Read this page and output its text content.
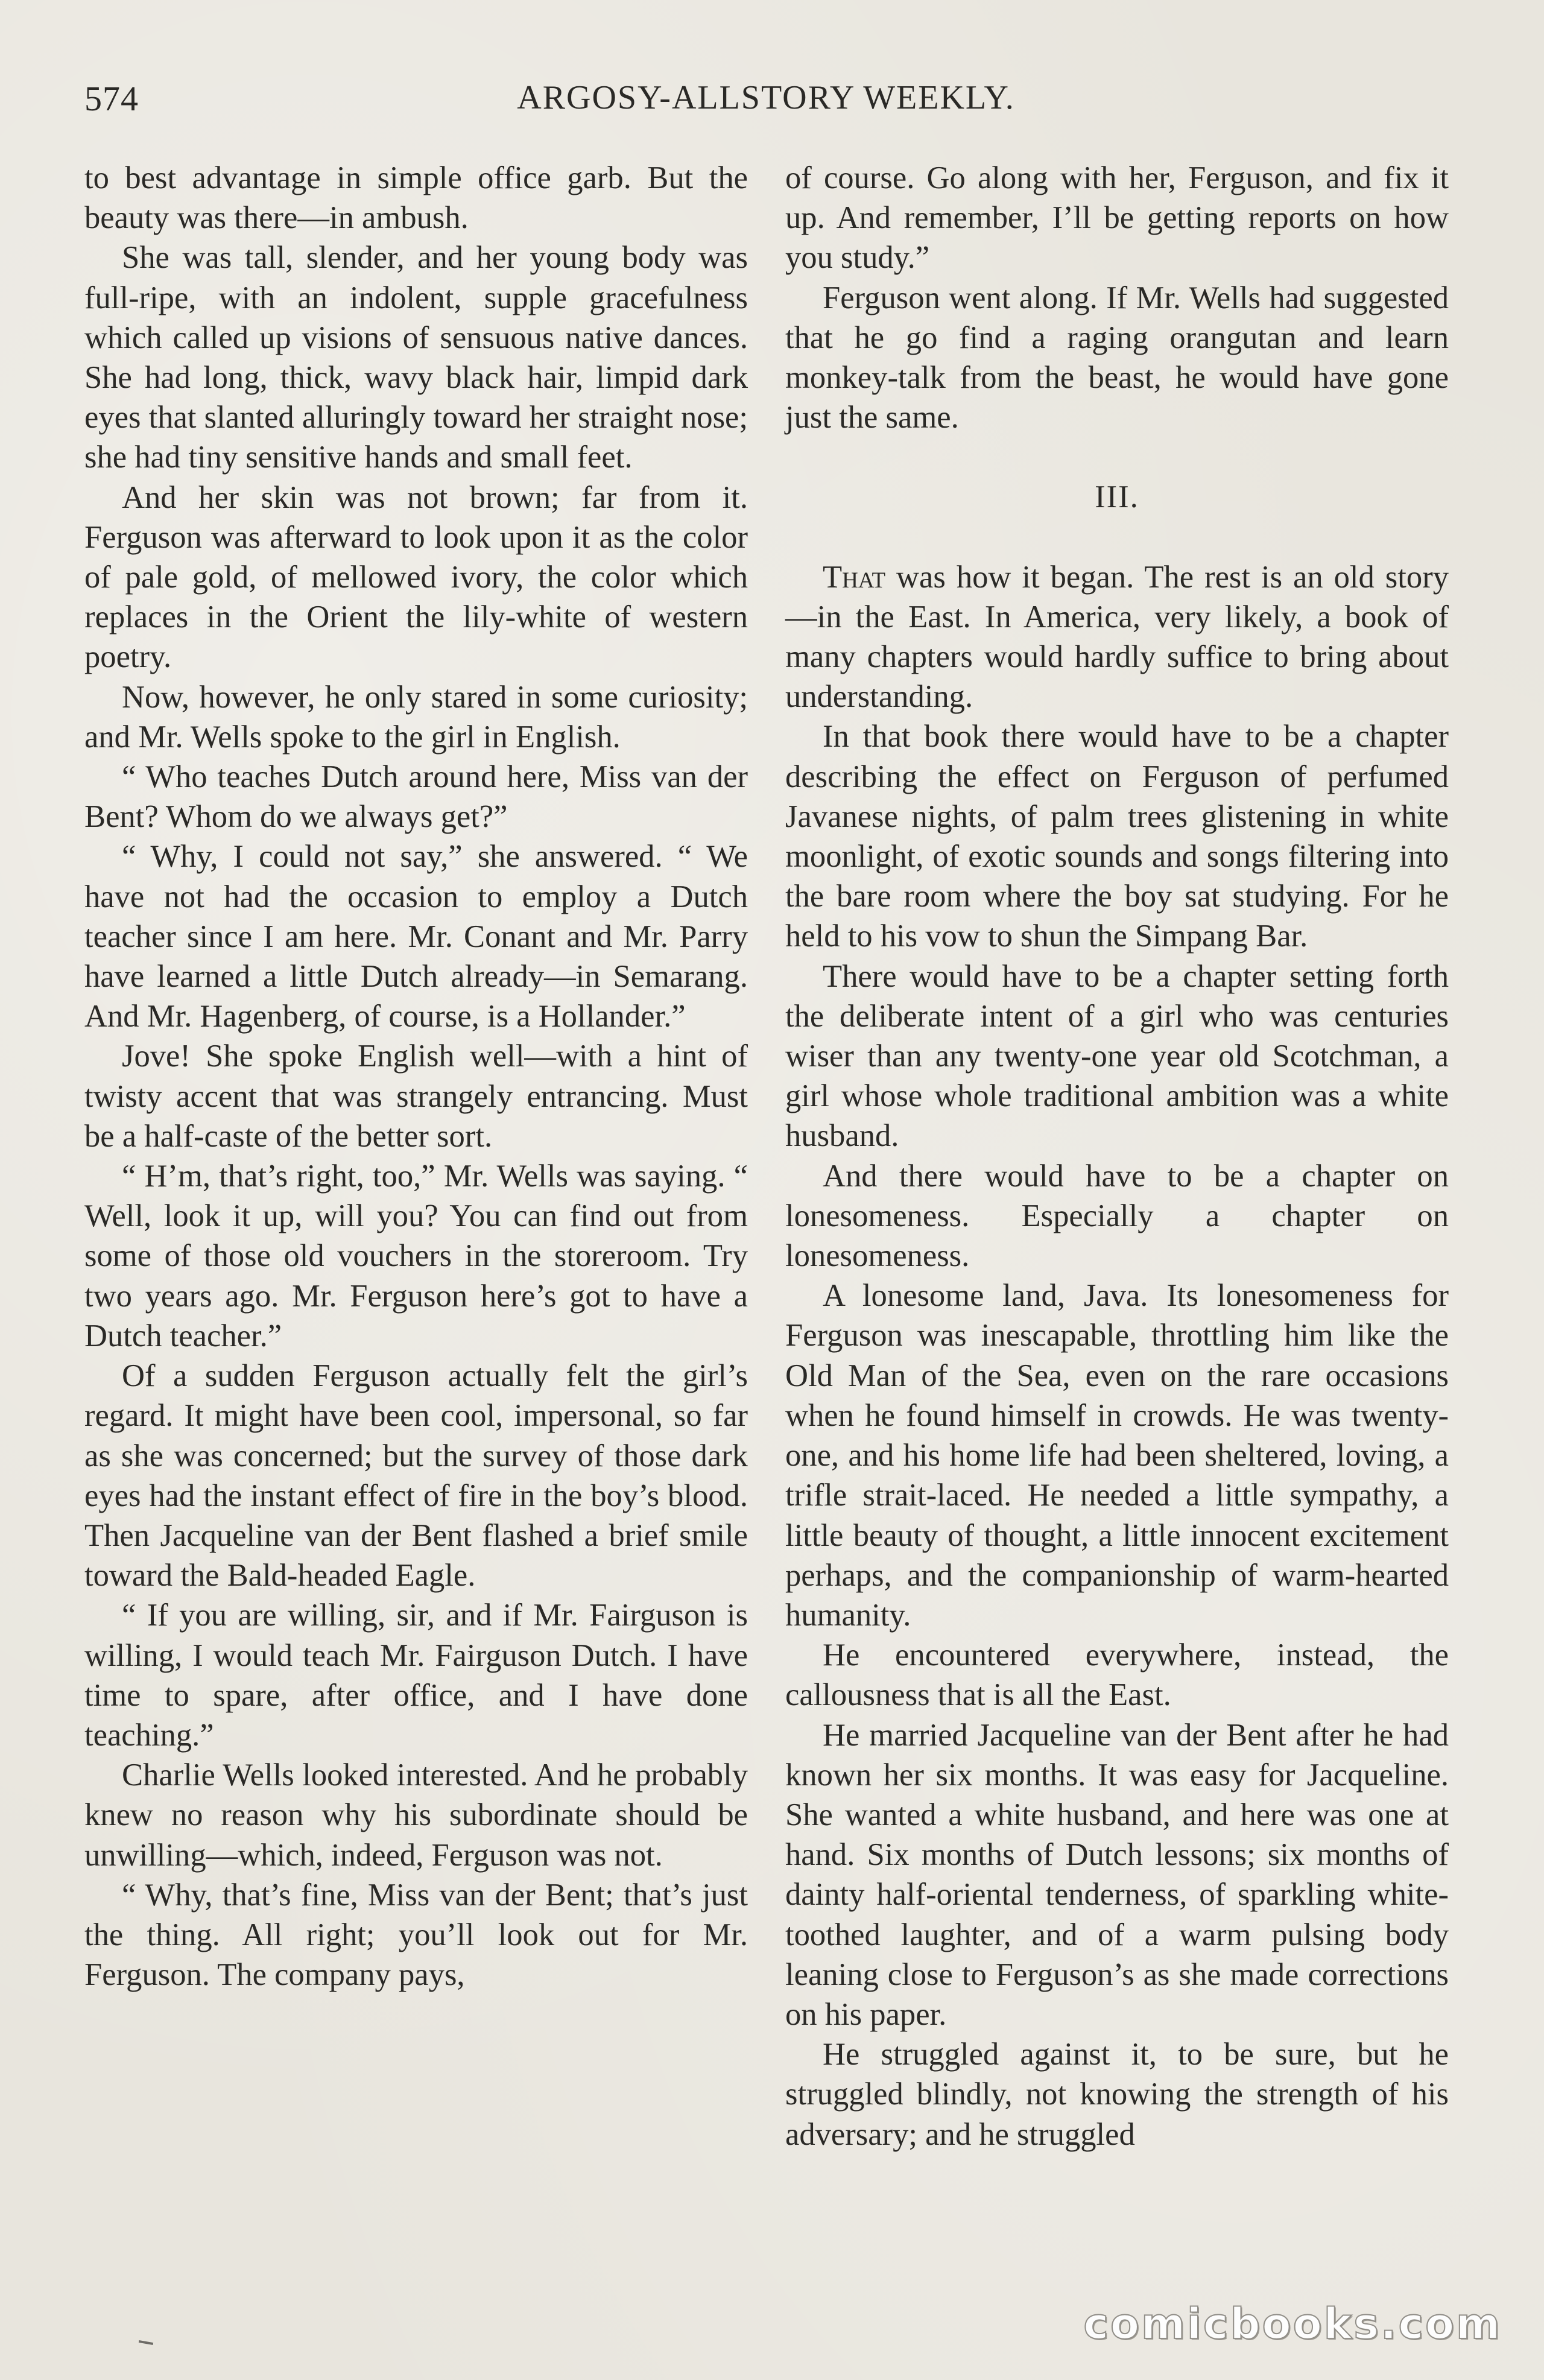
574	ARGOSY-ALLSTORY WEEKLY.

to best advantage in simple office garb. But the beauty was there—in ambush.

She was tall, slender, and her young body was full-ripe, with an indolent, supple gracefulness which called up visions of sensuous native dances. She had long, thick, wavy black hair, limpid dark eyes that slanted alluringly toward her straight nose; she had tiny sensitive hands and small feet.

And her skin was not brown; far from it. Ferguson was afterward to look upon it as the color of pale gold, of mellowed ivory, the color which replaces in the Orient the lily-white of western poetry.

Now, however, he only stared in some curiosity; and Mr. Wells spoke to the girl in English.

“ Who teaches Dutch around here, Miss van der Bent? Whom do we always get?”

“ Why, I could not say,” she answered. “ We have not had the occasion to employ a Dutch teacher since I am here. Mr. Conant and Mr. Parry have learned a little Dutch already—in Semarang. And Mr. Hagenberg, of course, is a Hollander.”

Jove! She spoke English well—with a hint of twisty accent that was strangely entrancing. Must be a half-caste of the better sort.

“ H’m, that’s right, too,” Mr. Wells was saying. “ Well, look it up, will you? You can find out from some of those old vouchers in the storeroom. Try two years ago. Mr. Ferguson here’s got to have a Dutch teacher.”

Of a sudden Ferguson actually felt the girl’s regard. It might have been cool, impersonal, so far as she was concerned; but the survey of those dark eyes had the instant effect of fire in the boy’s blood. Then Jacqueline van der Bent flashed a brief smile toward the Bald-headed Eagle.

“ If you are willing, sir, and if Mr. Fairguson is willing, I would teach Mr. Fairguson Dutch. I have time to spare, after office, and I have done teaching.”

Charlie Wells looked interested. And he probably knew no reason why his subordinate should be unwilling—which, indeed, Ferguson was not.

“ Why, that’s fine, Miss van der Bent; that’s just the thing. All right; you’ll look out for Mr. Ferguson. The company pays,

of course. Go along with her, Ferguson, and fix it up. And remember, I’ll be getting reports on how you study.”

Ferguson went along. If Mr. Wells had suggested that he go find a raging orangutan and learn monkey-talk from the beast, he would have gone just the same.

III.

That was how it began. The rest is an old story—in the East. In America, very likely, a book of many chapters would hardly suffice to bring about understanding.

In that book there would have to be a chapter describing the effect on Ferguson of perfumed Javanese nights, of palm trees glistening in white moonlight, of exotic sounds and songs filtering into the bare room where the boy sat studying. For he held to his vow to shun the Simpang Bar.

There would have to be a chapter setting forth the deliberate intent of a girl who was centuries wiser than any twenty-one year old Scotchman, a girl whose whole traditional ambition was a white husband.

And there would have to be a chapter on lonesomeness. Especially a chapter on lonesomeness.

A lonesome land, Java. Its lonesomeness for Ferguson was inescapable, throttling him like the Old Man of the Sea, even on the rare occasions when he found himself in crowds. He was twenty-one, and his home life had been sheltered, loving, a trifle strait-laced. He needed a little sympathy, a little beauty of thought, a little innocent excitement perhaps, and the companionship of warm-hearted humanity.

He encountered everywhere, instead, the callousness that is all the East.

He married Jacqueline van der Bent after he had known her six months. It was easy for Jacqueline. She wanted a white husband, and here was one at hand. Six months of Dutch lessons; six months of dainty half-oriental tenderness, of sparkling white-toothed laughter, and of a warm pulsing body leaning close to Ferguson’s as she made corrections on his paper.

He struggled against it, to be sure, but he struggled blindly, not knowing the strength of his adversary; and he struggled

comicbooks.com
